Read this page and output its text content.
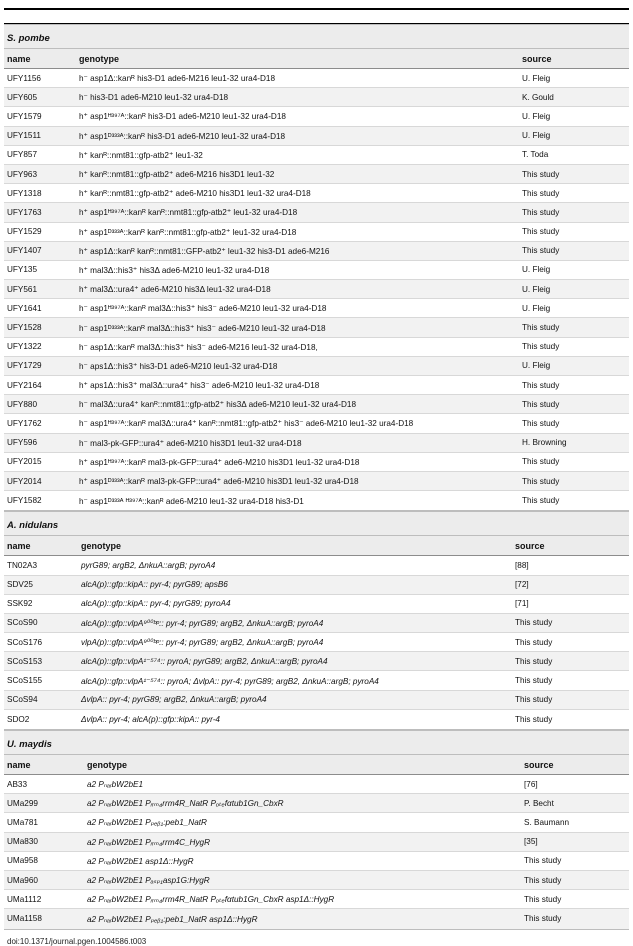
S. pombe
name	genotype	source
UFY1156	h⁻ asp1Δ::kanᴿ his3-D1 ade6-M216 leu1-32 ura4-D18	U. Fleig
UFY605	h⁻ his3-D1 ade6-M210 leu1-32 ura4-D18	K. Gould
UFY1579	h⁺ asp1ᴴ³⁹⁷ᴬ::kanᴿ his3-D1 ade6-M210 leu1-32 ura4-D18	U. Fleig
UFY1511	h⁺ asp1ᴰ³³³ᴬ::kanᴿ his3-D1 ade6-M210 leu1-32 ura4-D18	U. Fleig
UFY857	h⁺ kanᴿ::nmt81::gfp-atb2⁺ leu1-32	T. Toda
UFY963	h⁺ kanᴿ::nmt81::gfp-atb2⁺ ade6-M216 his3D1 leu1-32	This study
UFY1318	h⁺ kanᴿ::nmt81::gfp-atb2⁺ ade6-M210 his3D1 leu1-32 ura4-D18	This study
UFY1763	h⁺ asp1ᴴ³⁹⁷ᴬ::kanᴿ kanᴿ::nmt81::gfp-atb2⁺ leu1-32 ura4-D18	This study
UFY1529	h⁺ asp1ᴰ³³³ᴬ::kanᴿ kanᴿ::nmt81::gfp-atb2⁺ leu1-32 ura4-D18	This study
UFY1407	h⁺ asp1Δ::kanᴿ kanᴿ::nmt81::GFP-atb2⁺ leu1-32 his3-D1 ade6-M216	This study
UFY135	h⁺ mal3Δ::his3⁺ his3Δ ade6-M210 leu1-32 ura4-D18	U. Fleig
UFY561	h⁺ mal3Δ::ura4⁺ ade6-M210 his3Δ leu1-32 ura4-D18	U. Fleig
UFY1641	h⁻ asp1ᴴ³⁹⁷ᴬ::kanᴿ mal3Δ::his3⁺ his3⁻ ade6-M210 leu1-32 ura4-D18	U. Fleig
UFY1528	h⁻ asp1ᴰ³³³ᴬ::kanᴿ mal3Δ::his3⁺ his3⁻ ade6-M210 leu1-32 ura4-D18	This study
UFY1322	h⁻ asp1Δ::kanᴿ mal3Δ::his3⁺ his3⁻ ade6-M216 leu1-32 ura4-D18,	This study
UFY1729	h⁻ aps1Δ::his3⁺ his3-D1 ade6-M210 leu1-32 ura4-D18	U. Fleig
UFY2164	h⁺ aps1Δ::his3⁺ mal3Δ::ura4⁺ his3⁻ ade6-M210 leu1-32 ura4-D18	This study
UFY880	h⁻ mal3Δ::ura4⁺ kanᴿ::nmt81::gfp-atb2⁺ his3Δ ade6-M210 leu1-32 ura4-D18	This study
UFY1762	h⁻ asp1ᴴ³⁹⁷ᴬ::kanᴿ mal3Δ::ura4⁺ kanᴿ::nmt81::gfp-atb2⁺ his3⁻ ade6-M210 leu1-32 ura4-D18	This study
UFY596	h⁻ mal3-pk-GFP::ura4⁺ ade6-M210 his3D1 leu1-32 ura4-D18	H. Browning
UFY2015	h⁺ asp1ᴴ³⁹⁷ᴬ::kanᴿ mal3-pk-GFP::ura4⁺ ade6-M210 his3D1 leu1-32 ura4-D18	This study
UFY2014	h⁺ asp1ᴰ³³³ᴬ::kanᴿ mal3-pk-GFP::ura4⁺ ade6-M210 his3D1 leu1-32 ura4-D18	This study
UFY1582	h⁻ asp1ᴰ³³³ᴬ ᴴ³⁹⁷ᴬ::kanᴿ ade6-M210 leu1-32 ura4-D18 his3-D1	This study
A. nidulans
name	genotype	source
TN02A3	pyrG89; argB2, ΔnkuA::argB; pyroA4	[88]
SDV25	alcA(p)::gfp::kipA:: pyr-4; pyrG89; apsB6	[72]
SSK92	alcA(p)::gfp::kipA:: pyr-4; pyrG89; pyroA4	[71]
SCoS90	alcA(p)::gfp::vlpA⁹⁰⁰ᵇᵖ:: pyr-4; pyrG89; argB2, ΔnkuA::argB; pyroA4	This study
SCoS176	vlpA(p)::gfp::vlpA⁹⁰⁰ᵇᵖ:: pyr-4; pyrG89; argB2, ΔnkuA::argB; pyroA4	This study
SCoS153	alcA(p)::gfp::vlpA¹⁻⁵⁷⁴:: pyroA; pyrG89; argB2, ΔnkuA::argB; pyroA4	This study
SCoS155	alcA(p)::gfp::vlpA¹⁻⁵⁷⁴:: pyroA; ΔvlpA:: pyr-4; pyrG89; argB2, ΔnkuA::argB; pyroA4	This study
SCoS94	ΔvlpA:: pyr-4; pyrG89; argB2, ΔnkuA::argB; pyroA4	This study
SDO2	ΔvlpA:: pyr-4; alcA(p)::gfp::kipA:: pyr-4	This study
U. maydis
name	genotype	source
AB33	a2 PₙₐᵣbW2bE1	[76]
UMa299	a2 PₙₐᵣbW2bE1 Pᵣᵣₘ₄rrm4R_NatR Pₒₜₑfαtub1Gn_CbxR	P. Becht
UMa781	a2 PₙₐᵣbW2bE1 Pₚₑᵦ₁:peb1_NatR	S. Baumann
UMa830	a2 PₙₐᵣbW2bE1 Pᵣᵣₘ₄rrm4C_HygR	[35]
UMa958	a2 PₙₐᵣbW2bE1 asp1Δ::HygR	This study
UMa960	a2 PₙₐᵣbW2bE1 Pₐₛₚ₁asp1G:HygR	This study
UMa1112	a2 PₙₐᵣbW2bE1 Pᵣᵣₘ₄rrm4R_NatR Pₒₜₑfαtub1Gn_CbxR asp1Δ::HygR	This study
UMa1158	a2 PₙₐᵣbW2bE1 Pₚₑᵦ₁:peb1_NatR asp1Δ::HygR	This study
doi:10.1371/journal.pgen.1004586.t003
